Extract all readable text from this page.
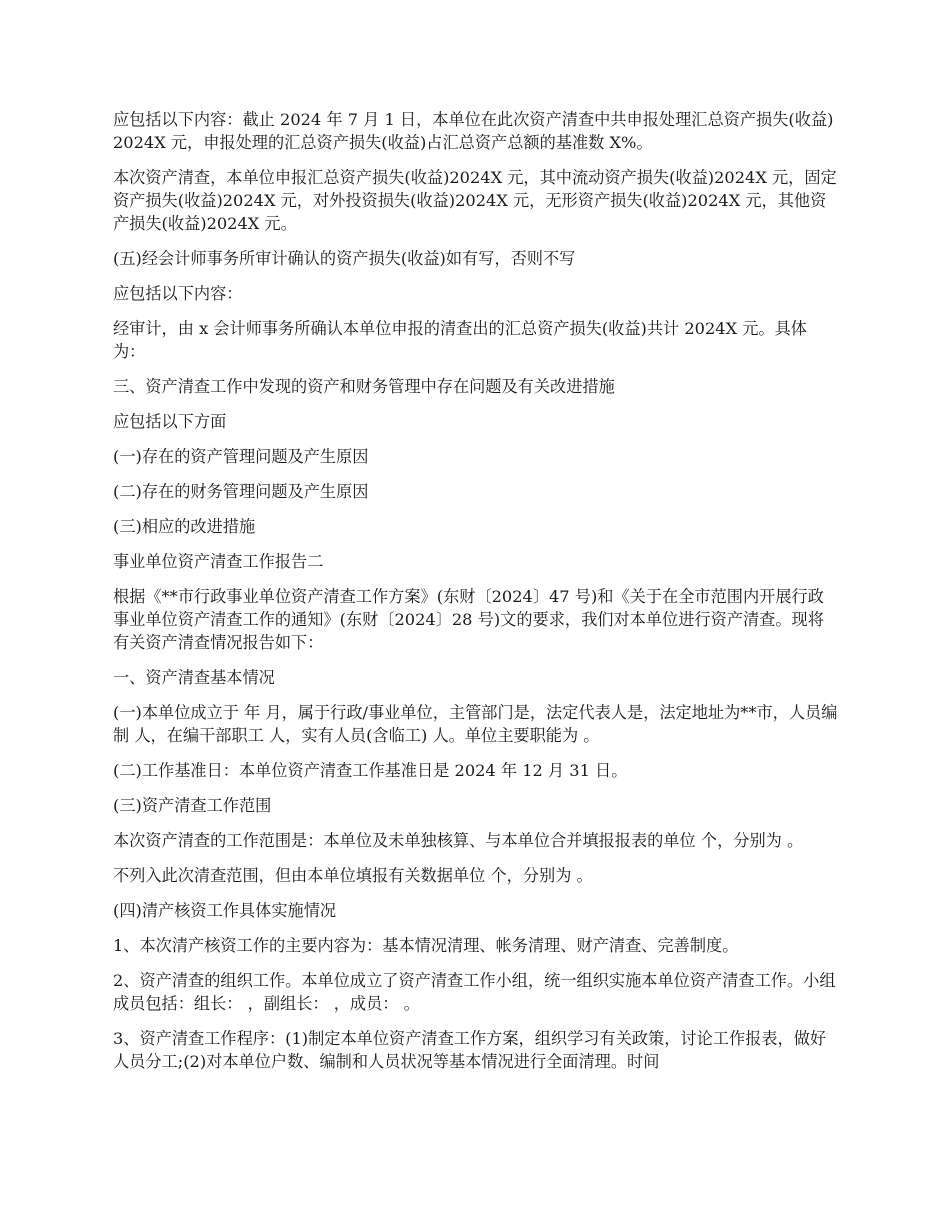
应包括以下内容：截止 2024 年 7 月 1 日，本单位在此次资产清查中共申报处理汇总资产损失(收益)2024X 元，申报处理的汇总资产损失(收益)占汇总资产总额的基准数 X%。

本次资产清查，本单位申报汇总资产损失(收益)2024X 元，其中流动资产损失(收益)2024X 元，固定资产损失(收益)2024X 元，对外投资损失(收益)2024X 元，无形资产损失(收益)2024X 元，其他资产损失(收益)2024X 元。

(五)经会计师事务所审计确认的资产损失(收益)如有写，否则不写

应包括以下内容：

经审计，由 x 会计师事务所确认本单位申报的清查出的汇总资产损失(收益)共计 2024X 元。具体为：

三、资产清查工作中发现的资产和财务管理中存在问题及有关改进措施

应包括以下方面

(一)存在的资产管理问题及产生原因

(二)存在的财务管理问题及产生原因

(三)相应的改进措施

事业单位资产清查工作报告二

根据《**市行政事业单位资产清查工作方案》(东财〔2024〕47 号)和《关于在全市范围内开展行政事业单位资产清查工作的通知》(东财〔2024〕28 号)文的要求，我们对本单位进行资产清查。现将有关资产清查情况报告如下：

一、资产清查基本情况

(一)本单位成立于 年 月，属于行政/事业单位，主管部门是，法定代表人是，法定地址为**市，人员编制 人，在编干部职工 人，实有人员(含临工) 人。单位主要职能为 。

(二)工作基准日：本单位资产清查工作基准日是 2024 年 12 月 31 日。

(三)资产清查工作范围

本次资产清查的工作范围是：本单位及未单独核算、与本单位合并填报报表的单位 个，分别为 。

不列入此次清查范围，但由本单位填报有关数据单位 个，分别为 。

(四)清产核资工作具体实施情况

1、本次清产核资工作的主要内容为：基本情况清理、帐务清理、财产清查、完善制度。

2、资产清查的组织工作。本单位成立了资产清查工作小组，统一组织实施本单位资产清查工作。小组成员包括：组长： ，副组长： ，成员： 。

3、资产清查工作程序：(1)制定本单位资产清查工作方案，组织学习有关政策，讨论工作报表，做好人员分工;(2)对本单位户数、编制和人员状况等基本情况进行全面清理。时间
